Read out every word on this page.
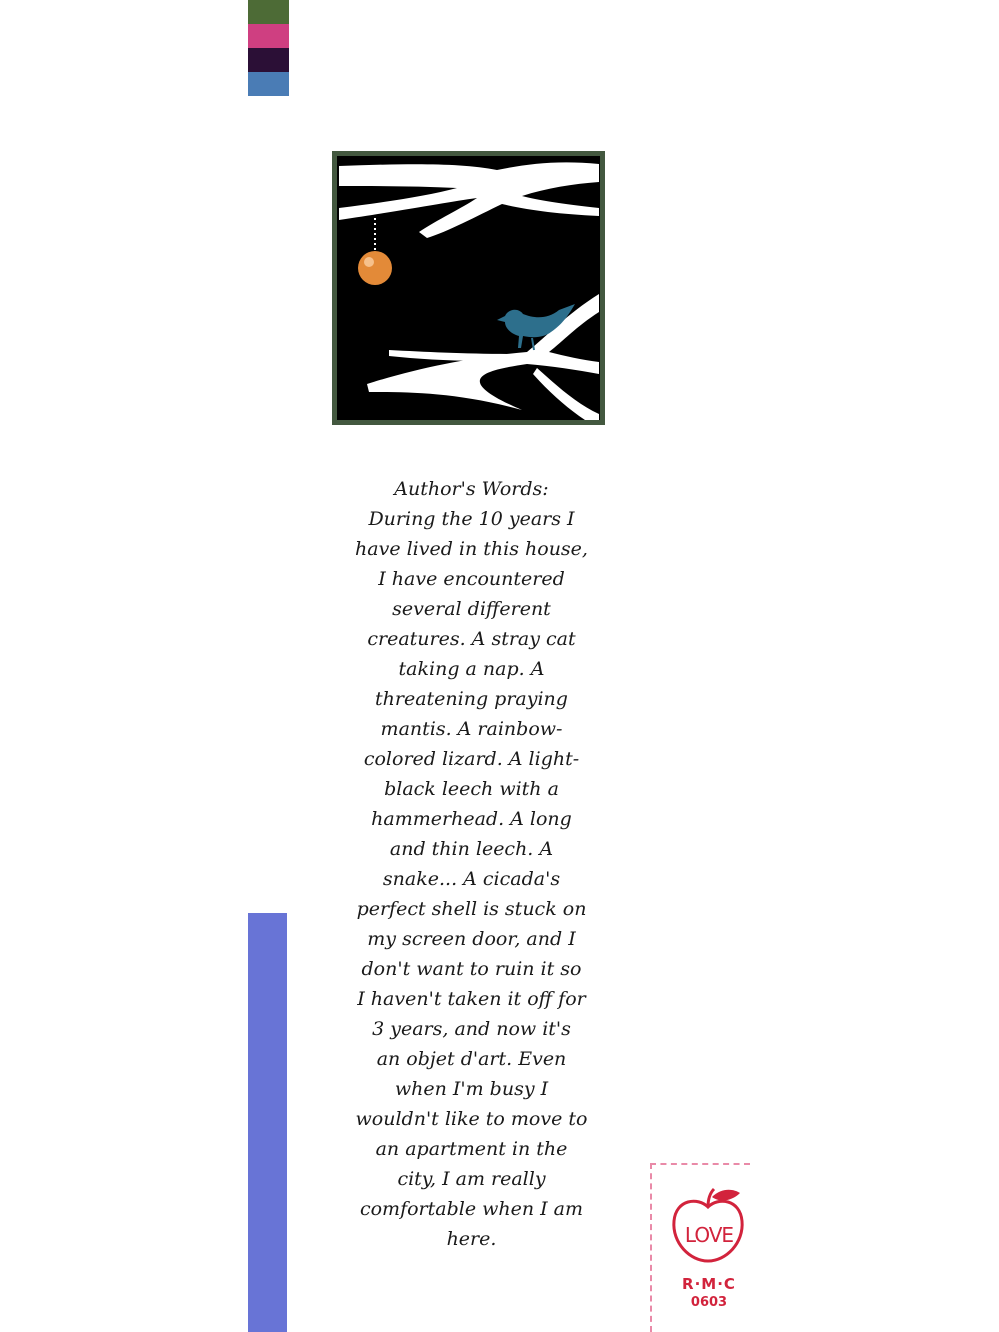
Author's Words:
During the 10 years I
have lived in this house,
I have encountered
several different
creatures. A stray cat
taking a nap. A
threatening praying
mantis. A rainbow-
colored lizard. A light-
black leech with a
hammerhead. A long
and thin leech. A
snake... A cicada's
perfect shell is stuck on
my screen door, and I
don't want to ruin it so
I haven't taken it off for
3 years, and now it's
an objet d'art. Even
when I'm busy I
wouldn't like to move to
an apartment in the
city, I am really
comfortable when I am
here.	LOVE
R·M·C
0603
